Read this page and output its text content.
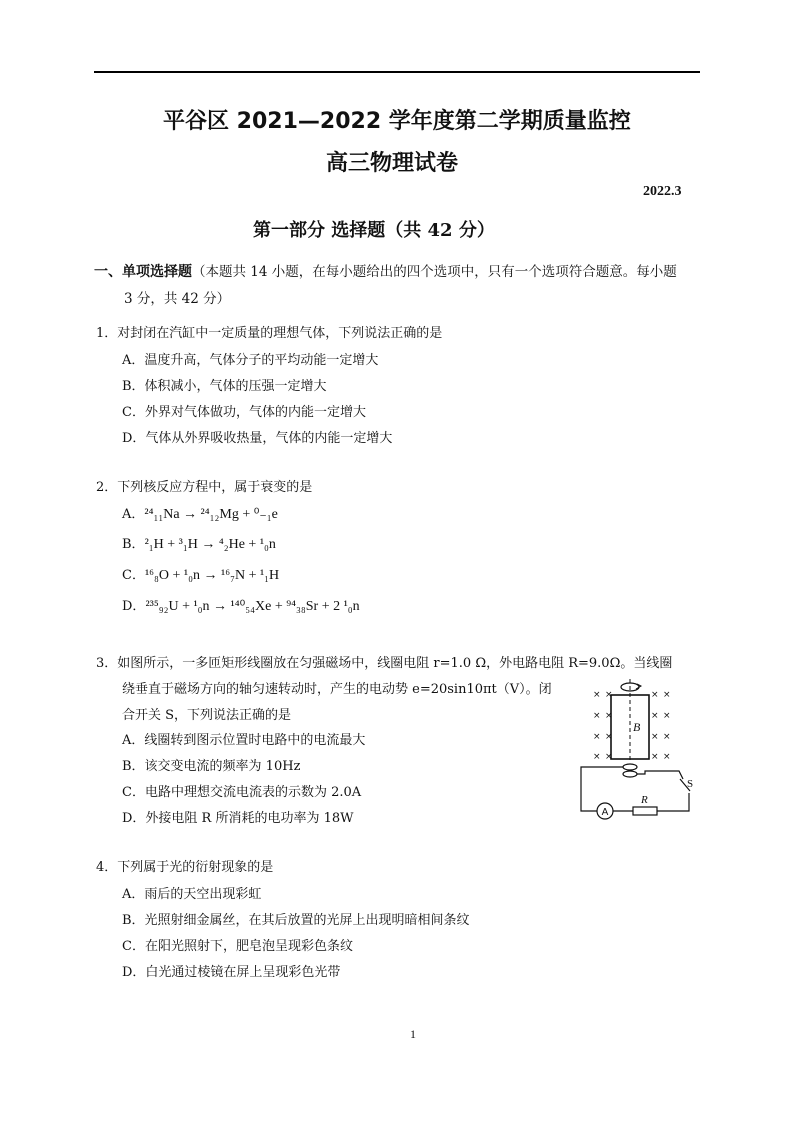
平谷区 2021—2022 学年度第二学期质量监控
高三物理试卷
2022.3
第一部分 选择题（共 42 分）
一、单项选择题（本题共 14 小题，在每小题给出的四个选项中，只有一个选项符合题意。每小题
3 分，共 42 分）
1．对封闭在汽缸中一定质量的理想气体，下列说法正确的是
A．温度升高，气体分子的平均动能一定增大
B．体积减小，气体的压强一定增大
C．外界对气体做功，气体的内能一定增大
D．气体从外界吸收热量，气体的内能一定增大
2．下列核反应方程中，属于衰变的是
A．²⁴₁₁Na → ²⁴₁₂Mg + ⁰₋₁e
B．²₁H + ³₁H → ⁴₂He + ¹₀n
C．¹⁶₈O + ¹₀n → ¹⁶₇N + ¹₁H
D．²³⁵₉₂U + ¹₀n → ¹⁴⁰₅₄Xe + ⁹⁴₃₈Sr + 2 ¹₀n
3．如图所示，一多匝矩形线圈放在匀强磁场中，线圈电阻 r=1.0 Ω，外电路电阻 R=9.0Ω。当线圈
绕垂直于磁场方向的轴匀速转动时，产生的电动势 e=20sin10πt（V）。闭
合开关 S，下列说法正确的是
A．线圈转到图示位置时电路中的电流最大
B．该交变电流的频率为 10Hz
C．电路中理想交流电流表的示数为 2.0A
D．外接电阻 R 所消耗的电功率为 18W
× ×	× ×
× ×	× ×
× ×	× ×
× ×	× ×
B
A
R
S
4．下列属于光的衍射现象的是
A．雨后的天空出现彩虹
B．光照射细金属丝，在其后放置的光屏上出现明暗相间条纹
C．在阳光照射下，肥皂泡呈现彩色条纹
D．白光通过棱镜在屏上呈现彩色光带
1
